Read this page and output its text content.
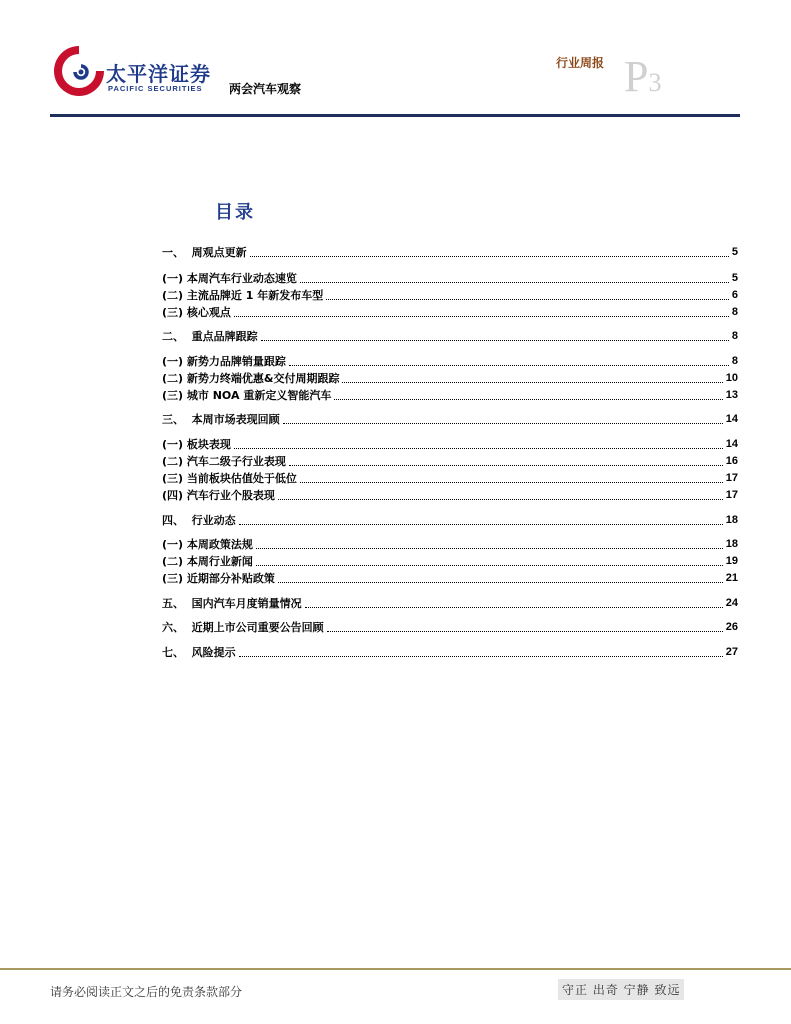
太平洋证券
PACIFIC SECURITIES 两会汽车观察
行业周报 P3
目录
一、  周观点更新	5
(一) 本周汽车行业动态速览	5
(二) 主流品牌近 1 年新发布车型	6
(三) 核心观点	8
二、  重点品牌跟踪	8
(一) 新势力品牌销量跟踪	8
(二) 新势力终端优惠&交付周期跟踪	10
(三) 城市 NOA 重新定义智能汽车	13
三、  本周市场表现回顾	14
(一) 板块表现	14
(二) 汽车二级子行业表现	16
(三) 当前板块估值处于低位	17
(四) 汽车行业个股表现	17
四、  行业动态	18
(一) 本周政策法规	18
(二) 本周行业新闻	19
(三) 近期部分补贴政策	21
五、  国内汽车月度销量情况	24
六、  近期上市公司重要公告回顾	26
七、  风险提示	27
请务必阅读正文之后的免责条款部分	守正 出奇 宁静 致远
